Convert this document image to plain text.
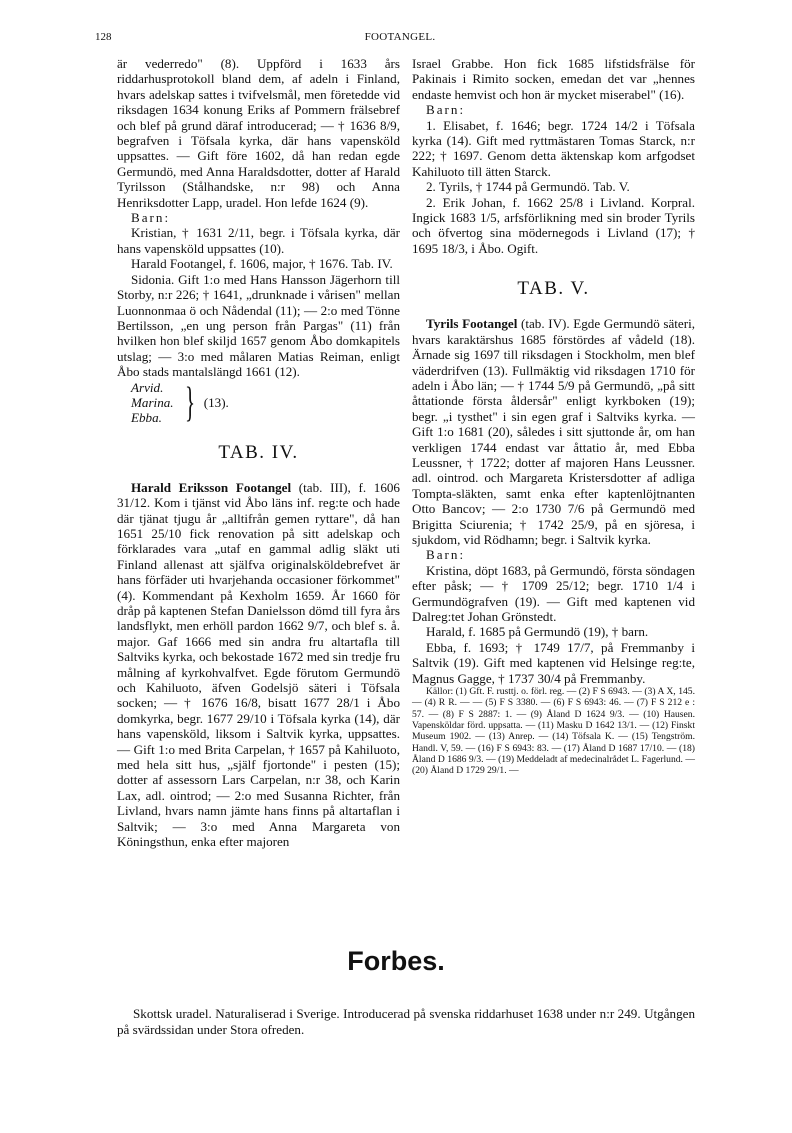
128	FOOTANGEL.

är vederredo" (8). Uppförd i 1633 års riddarhusprotokoll bland dem, af adeln i Finland, hvars adelskap sattes i tvifvelsmål, men företedde vid riksdagen 1634 konung Eriks af Pommern frälsebref och blef på grund däraf introducerad; — † 1636 8/9, begrafven i Töfsala kyrka, där hans vapensköld uppsattes. — Gift före 1602, då han redan egde Germundö, med Anna Haraldsdotter, dotter af Harald Tyrilsson (Stålhandske, n:r 98) och Anna Henriksdotter Lapp, uradel. Hon lefde 1624 (9).

Barn:

Kristian, † 1631 2/11, begr. i Töfsala kyrka, där hans vapensköld uppsattes (10).

Harald Footangel, f. 1606, major, † 1676. Tab. IV.

Sidonia. Gift 1:o med Hans Hansson Jägerhorn till Storby, n:r 226; † 1641, „drunknade i vårisen" mellan Luonnonmaa ö och Nådendal (11); — 2:o med Tönne Bertilsson, „en ung person från Pargas" (11) från hvilken hon blef skiljd 1657 genom Åbo domkapitels utslag; — 3:o med målaren Matias Reiman, enligt Åbo stads mantalslängd 1661 (12).

Arvid.
Marina.
Ebba. } (13).
TAB. IV.

Harald Eriksson Footangel (tab. III), f. 1606 31/12. Kom i tjänst vid Åbo läns inf. reg:te och hade där tjänat tjugu år „alltifrån gemen ryttare", då han 1651 25/10 fick renovation på sitt adelskap och förklarades vara „utaf en gammal adlig släkt uti Finland allenast att själfva originalsköldebrefvet är hans förfäder uti hvarjehanda occasioner förkommet" (4). Kommendant på Kexholm 1659. År 1660 för dråp på kaptenen Stefan Danielsson dömd till fyra års landsflykt, men erhöll pardon 1662 9/7, och blef s. å. major. Gaf 1666 med sin andra fru altartafla till Saltviks kyrka, och bekostade 1672 med sin tredje fru målning af kyrkohvalfvet. Egde förutom Germundö och Kahiluoto, äfven Godelsjö säteri i Töfsala socken; — † 1676 16/8, bisatt 1677 28/1 i Åbo domkyrka, begr. 1677 29/10 i Töfsala kyrka (14), där hans vapensköld, liksom i Saltvik kyrka, uppsattes. — Gift 1:o med Brita Carpelan, † 1657 på Kahiluoto, med hela sitt hus, „själf fjortonde" i pesten (15); dotter af assessorn Lars Carpelan, n:r 38, och Karin Lax, adl. ointrod; — 2:o med Susanna Richter, från Livland, hvars namn jämte hans finns på altartaflan i Saltvik; — 3:o med Anna Margareta von Köningsthun, enka efter majoren

Israel Grabbe. Hon fick 1685 lifstidsfrälse för Pakinais i Rimito socken, emedan det var „hennes endaste hemvist och hon är mycket miserabel" (16).

Barn:

1. Elisabet, f. 1646; begr. 1724 14/2 i Töfsala kyrka (14). Gift med ryttmästaren Tomas Starck, n:r 222; † 1697. Genom detta äktenskap kom arfgodset Kahiluoto till ätten Starck.

2. Tyrils, † 1744 på Germundö. Tab. V.

2. Erik Johan, f. 1662 25/8 i Livland. Korpral. Ingick 1683 1/5, arfsförlikning med sin broder Tyrils och öfvertog sina mödernegods i Livland (17); † 1695 18/3, i Åbo. Ogift.

TAB. V.

Tyrils Footangel (tab. IV). Egde Germundö säteri, hvars karaktärshus 1685 förstördes af vådeld (18). Ärnade sig 1697 till riksdagen i Stockholm, men blef väderdrifven (13). Fullmäktig vid riksdagen 1710 för adeln i Åbo län; — † 1744 5/9 på Germundö, „på sitt åttationde första åldersår" enligt kyrkboken (19); begr. „i tysthet" i sin egen graf i Saltviks kyrka. — Gift 1:o 1681 (20), således i sitt sjuttonde år, om han verkligen 1744 endast var åttatio år, med Ebba Leussner, † 1722; dotter af majoren Hans Leussner. adl. ointrod. och Margareta Kristersdotter af adliga Tompta-släkten, samt enka efter kaptenlöjtnanten Otto Bancov; — 2:o 1730 7/6 på Germundö med Brigitta Sciurenia; † 1742 25/9, på en sjöresa, i sjukdom, vid Rödhamn; begr. i Saltvik kyrka.

Barn:

Kristina, döpt 1683, på Germundö, första söndagen efter påsk; — † 1709 25/12; begr. 1710 1/4 i Germundögrafven (19). — Gift med kaptenen vid Dalreg:tet Johan Grönstedt.

Harald, f. 1685 på Germundö (19), † barn.

Ebba, f. 1693; † 1749 17/7, på Fremmanby i Saltvik (19). Gift med kaptenen vid Helsinge reg:te, Magnus Gagge, † 1737 30/4 på Fremmanby.

Källor: (1) Gft. F. rusttj. o. förl. reg. — (2) F S 6943. — (3) A X, 145. — (4) R R. — — (5) F S 3380. — (6) F S 6943: 46. — (7) F S 212 e : 57. — (8) F S 2887: 1. — (9) Åland D 1624 9/3. — (10) Hausen. Vapensköldar förd. uppsatta. — (11) Masku D 1642 13/1. — (12) Finskt Museum 1902. — (13) Anrep. — (14) Töfsala K. — (15) Tengström. Handl. V, 59. — (16) F S 6943: 83. — (17) Åland D 1687 17/10. — (18) Åland D 1686 9/3. — (19) Meddeladt af medecinalrådet L. Fagerlund. — (20) Åland D 1729 29/1. —

Forbes.

Skottsk uradel. Naturaliserad i Sverige. Introducerad på svenska riddarhuset 1638 under n:r 249. Utgången på svärdssidan under Stora ofreden.
